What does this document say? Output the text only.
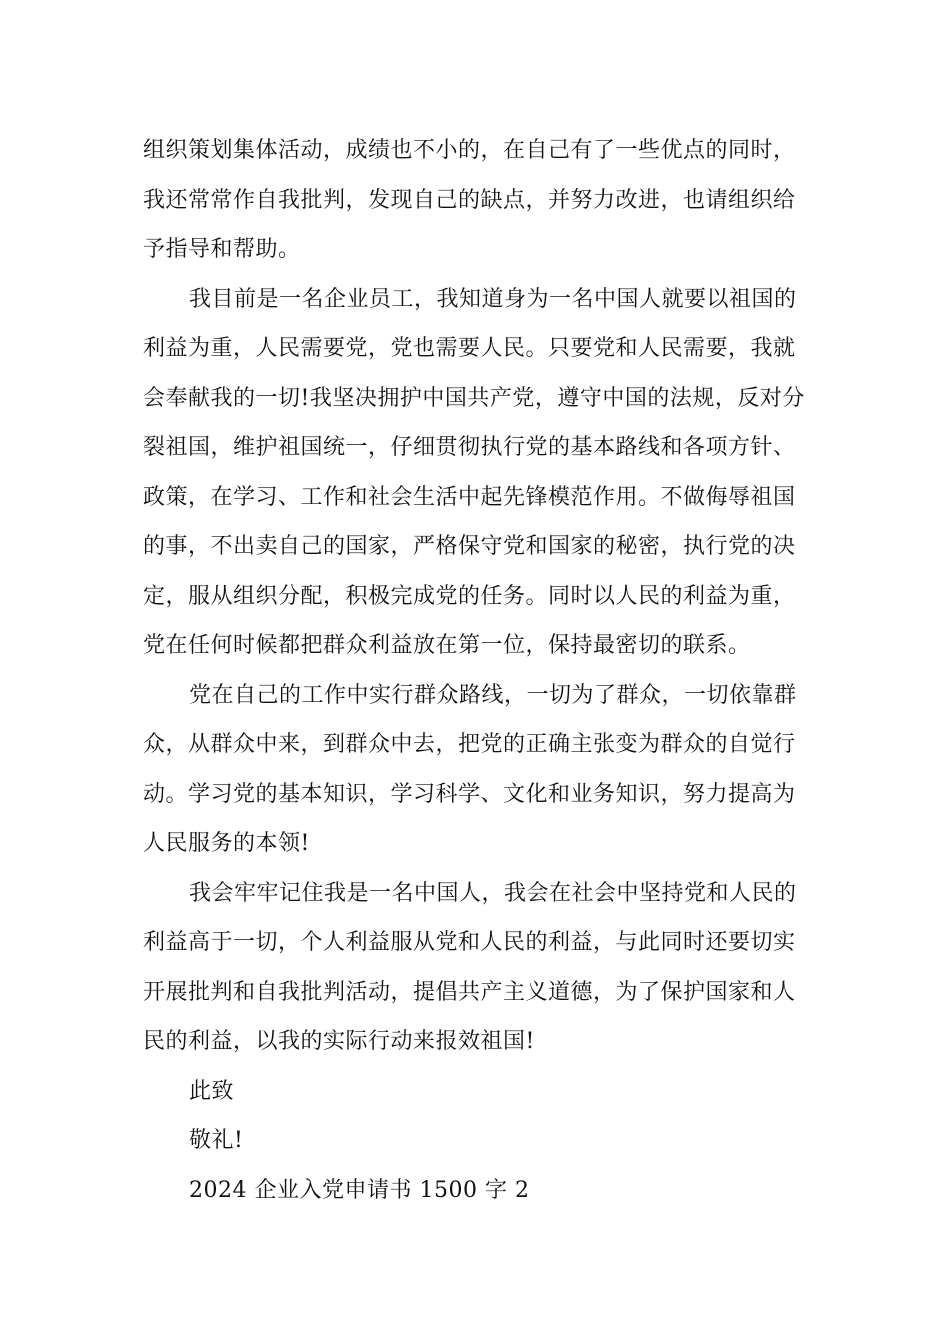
组织策划集体活动，成绩也不小的，在自己有了一些优点的同时，
我还常常作自我批判，发现自己的缺点，并努力改进，也请组织给
予指导和帮助。
我目前是一名企业员工，我知道身为一名中国人就要以祖国的
利益为重，人民需要党，党也需要人民。只要党和人民需要，我就
会奉献我的一切!我坚决拥护中国共产党，遵守中国的法规，反对分
裂祖国，维护祖国统一，仔细贯彻执行党的基本路线和各项方针、
政策，在学习、工作和社会生活中起先锋模范作用。不做侮辱祖国
的事，不出卖自己的国家，严格保守党和国家的秘密，执行党的决
定，服从组织分配，积极完成党的任务。同时以人民的利益为重，
党在任何时候都把群众利益放在第一位，保持最密切的联系。
党在自己的工作中实行群众路线，一切为了群众，一切依靠群
众，从群众中来，到群众中去，把党的正确主张变为群众的自觉行
动。学习党的基本知识，学习科学、文化和业务知识，努力提高为
人民服务的本领!
我会牢牢记住我是一名中国人，我会在社会中坚持党和人民的
利益高于一切，个人利益服从党和人民的利益，与此同时还要切实
开展批判和自我批判活动，提倡共产主义道德，为了保护国家和人
民的利益，以我的实际行动来报效祖国!
此致
敬礼!
2024 企业入党申请书 1500 字 2
